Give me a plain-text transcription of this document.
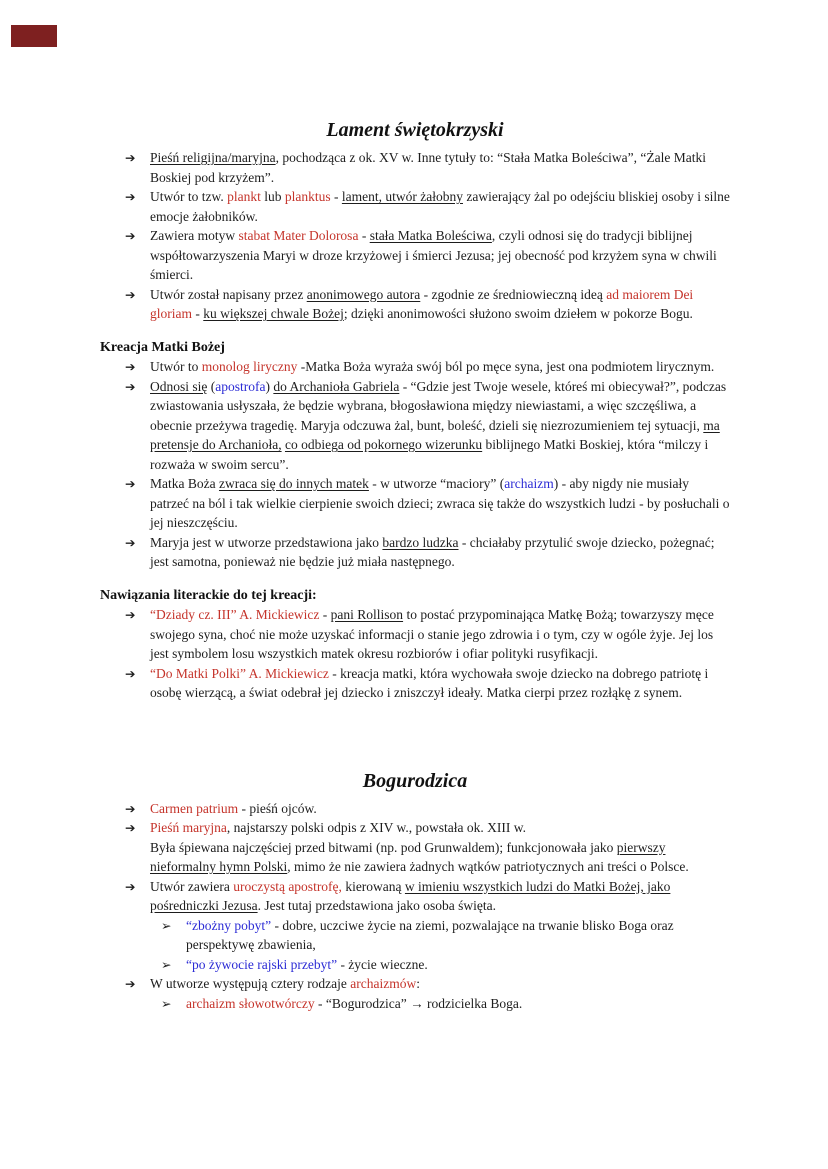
Lament świętokrzyski
➔	Pieśń religijna/maryjna, pochodząca z ok. XV w. Inne tytuły to: “Stała Matka Boleściwa”, “Żale Matki Boskiej pod krzyżem”.
➔	Utwór to tzw. plankt lub planktus - lament, utwór żałobny zawierający żal po odejściu bliskiej osoby i silne emocje żałobników.
➔	Zawiera motyw stabat Mater Dolorosa - stała Matka Boleściwa, czyli odnosi się do tradycji biblijnej współtowarzyszenia Maryi w droze krzyżowej i śmierci Jezusa; jej obecność pod krzyżem syna w chwili śmierci.
➔	Utwór został napisany przez anonimowego autora - zgodnie ze średniowieczną ideą ad maiorem Dei gloriam - ku większej chwale Bożej; dzięki anonimowości służono swoim dziełem w pokorze Bogu.
Kreacja Matki Bożej
➔	Utwór to monolog liryczny -Matka Boża wyraża swój ból po męce syna, jest ona podmiotem lirycznym.
➔	Odnosi się (apostrofa) do Archanioła Gabriela - “Gdzie jest Twoje wesele, któreś mi obiecywał?”, podczas zwiastowania usłyszała, że będzie wybrana, błogosławiona między niewiastami, a więc szczęśliwa, a obecnie przeżywa tragedię. Maryja odczuwa żal, bunt, boleść, dzieli się niezrozumieniem tej sytuacji, ma pretensje do Archanioła, co odbiega od pokornego wizerunku biblijnego Matki Boskiej, która “milczy i rozważa w swoim sercu”.
➔	Matka Boża zwraca się do innych matek - w utworze “maciory” (archaizm) - aby nigdy nie musiały patrzeć na ból i tak wielkie cierpienie swoich dzieci; zwraca się także do wszystkich ludzi - by posłuchali o jej nieszczęściu.
➔	Maryja jest w utworze przedstawiona jako bardzo ludzka - chciałaby przytulić swoje dziecko, pożegnać; jest samotna, ponieważ nie będzie już miała następnego.
Nawiązania literackie do tej kreacji:
➔	“Dziady cz. III” A. Mickiewicz - pani Rollison to postać przypominająca Matkę Bożą; towarzyszy męce swojego syna, choć nie może uzyskać informacji o stanie jego zdrowia i o tym, czy w ogóle żyje. Jej los jest symbolem losu wszystkich matek okresu rozbiorów i ofiar polityki rusyfikacji.
➔	“Do Matki Polki” A. Mickiewicz - kreacja matki, która wychowała swoje dziecko na dobrego patriotę i osobę wierzącą, a świat odebrał jej dziecko i zniszczył ideały. Matka cierpi przez rozłąkę z synem.
Bogurodzica
➔	Carmen patrium - pieśń ojców.
➔	Pieśń maryjna, najstarszy polski odpis z XIV w., powstała ok. XIII w.
Była śpiewana najczęściej przed bitwami (np. pod Grunwaldem); funkcjonowała jako pierwszy nieformalny hymn Polski, mimo że nie zawiera żadnych wątków patriotycznych ani treści o Polsce.
➔	Utwór zawiera uroczystą apostrofę, kierowaną w imieniu wszystkich ludzi do Matki Bożej, jako pośredniczki Jezusa. Jest tutaj przedstawiona jako osoba święta.
➢	“zbożny pobyt” - dobre, uczciwe życie na ziemi, pozwalające na trwanie blisko Boga oraz perspektywę zbawienia,
➢	“po żywocie rajski przebyt” - życie wieczne.
➔	W utworze występują cztery rodzaje archaizmów:
➢	archaizm słowotwórczy - “Bogurodzica” → rodzicielka Boga.
